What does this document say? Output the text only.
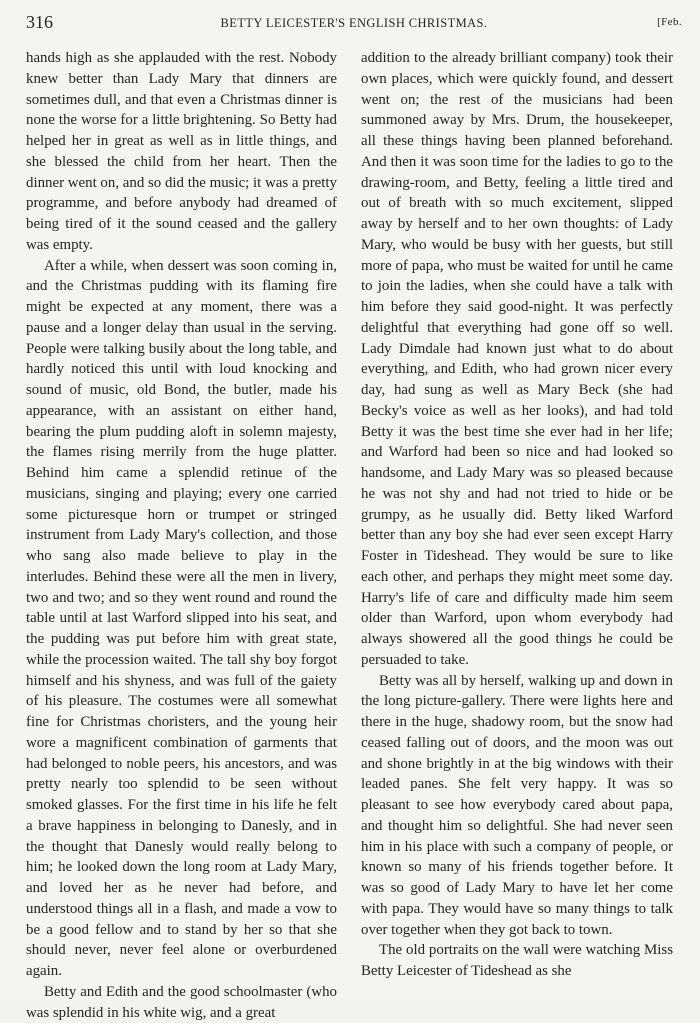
316	BETTY LEICESTER'S ENGLISH CHRISTMAS.	[Feb.

hands high as she applauded with the rest. Nobody knew better than Lady Mary that dinners are sometimes dull, and that even a Christmas dinner is none the worse for a little brightening. So Betty had helped her in great as well as in little things, and she blessed the child from her heart. Then the dinner went on, and so did the music; it was a pretty programme, and before anybody had dreamed of being tired of it the sound ceased and the gallery was empty.

After a while, when dessert was soon coming in, and the Christmas pudding with its flaming fire might be expected at any moment, there was a pause and a longer delay than usual in the serving. People were talking busily about the long table, and hardly noticed this until with loud knocking and sound of music, old Bond, the butler, made his appearance, with an assistant on either hand, bearing the plum pudding aloft in solemn majesty, the flames rising merrily from the huge platter. Behind him came a splendid retinue of the musicians, singing and playing; every one carried some picturesque horn or trumpet or stringed instrument from Lady Mary's collection, and those who sang also made believe to play in the interludes. Behind these were all the men in livery, two and two; and so they went round and round the table until at last Warford slipped into his seat, and the pudding was put before him with great state, while the procession waited. The tall shy boy forgot himself and his shyness, and was full of the gaiety of his pleasure. The costumes were all somewhat fine for Christmas choristers, and the young heir wore a magnificent combination of garments that had belonged to noble peers, his ancestors, and was pretty nearly too splendid to be seen without smoked glasses. For the first time in his life he felt a brave happiness in belonging to Danesly, and in the thought that Danesly would really belong to him; he looked down the long room at Lady Mary, and loved her as he never had before, and understood things all in a flash, and made a vow to be a good fellow and to stand by her so that she should never, never feel alone or overburdened again.

Betty and Edith and the good schoolmaster (who was splendid in his white wig, and a great

addition to the already brilliant company) took their own places, which were quickly found, and dessert went on; the rest of the musicians had been summoned away by Mrs. Drum, the housekeeper, all these things having been planned beforehand. And then it was soon time for the ladies to go to the drawing-room, and Betty, feeling a little tired and out of breath with so much excitement, slipped away by herself and to her own thoughts: of Lady Mary, who would be busy with her guests, but still more of papa, who must be waited for until he came to join the ladies, when she could have a talk with him before they said good-night. It was perfectly delightful that everything had gone off so well. Lady Dimdale had known just what to do about everything, and Edith, who had grown nicer every day, had sung as well as Mary Beck (she had Becky's voice as well as her looks), and had told Betty it was the best time she ever had in her life; and Warford had been so nice and had looked so handsome, and Lady Mary was so pleased because he was not shy and had not tried to hide or be grumpy, as he usually did. Betty liked Warford better than any boy she had ever seen except Harry Foster in Tideshead. They would be sure to like each other, and perhaps they might meet some day. Harry's life of care and difficulty made him seem older than Warford, upon whom everybody had always showered all the good things he could be persuaded to take.

Betty was all by herself, walking up and down in the long picture-gallery. There were lights here and there in the huge, shadowy room, but the snow had ceased falling out of doors, and the moon was out and shone brightly in at the big windows with their leaded panes. She felt very happy. It was so pleasant to see how everybody cared about papa, and thought him so delightful. She had never seen him in his place with such a company of people, or known so many of his friends together before. It was so good of Lady Mary to have let her come with papa. They would have so many things to talk over together when they got back to town.

The old portraits on the wall were watching Miss Betty Leicester of Tideshead as she
